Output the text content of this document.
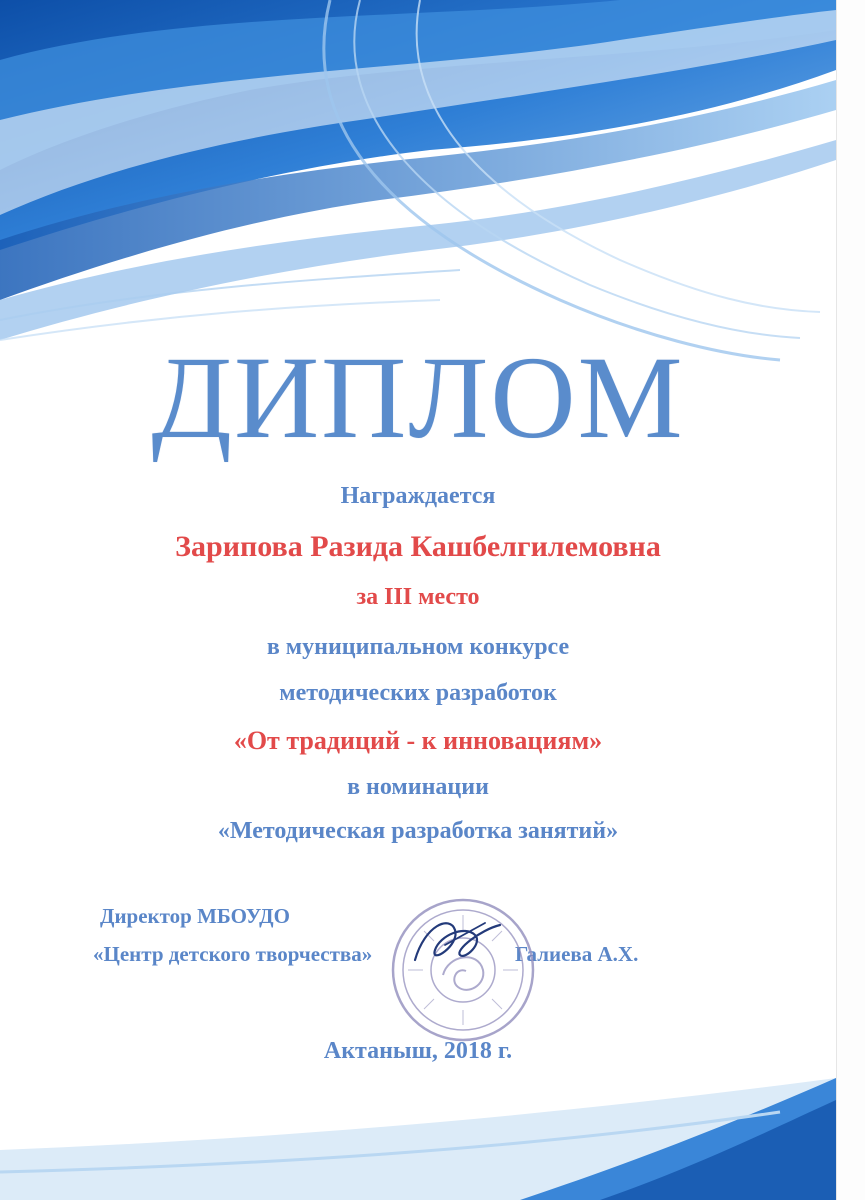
ДИПЛОМ
Награждается
Зарипова Разида Кашбелгилемовна
за III место
в муниципальном конкурсе
методических разработок
«От традиций - к инновациям»
в номинации
«Методическая разработка занятий»
Директор МБОУДО
«Центр детского творчества»	Галиева А.Х.
Актаныш, 2018 г.
